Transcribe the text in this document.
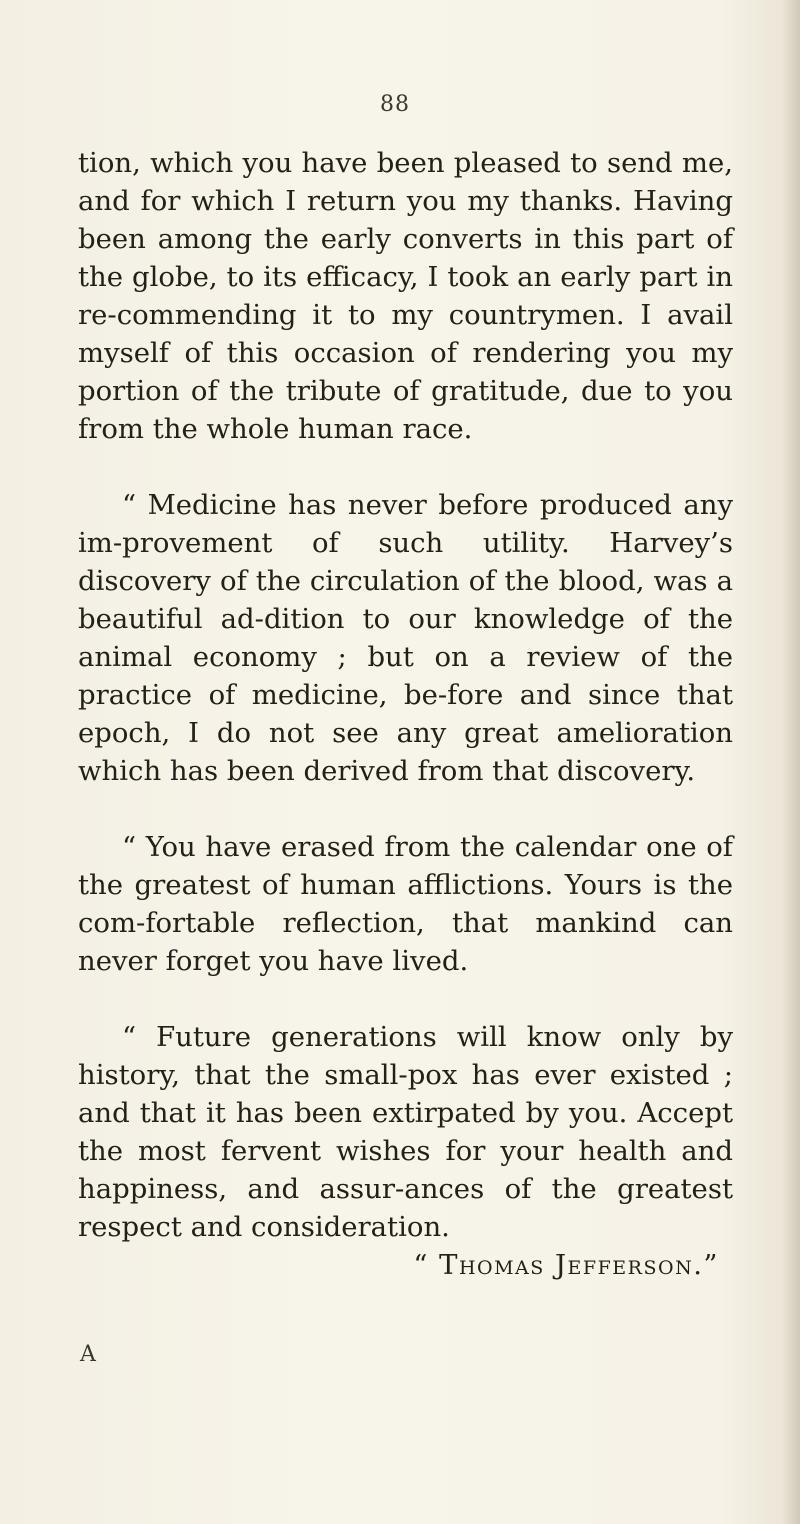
88

tion, which you have been pleased to send me, and for which I return you my thanks. Having been among the early converts in this part of the globe, to its efficacy, I took an early part in re-commending it to my countrymen. I avail myself of this occasion of rendering you my portion of the tribute of gratitude, due to you from the whole human race.

“ Medicine has never before produced any im-provement of such utility. Harvey’s discovery of the circulation of the blood, was a beautiful ad-dition to our knowledge of the animal economy ; but on a review of the practice of medicine, be-fore and since that epoch, I do not see any great amelioration which has been derived from that discovery.

“ You have erased from the calendar one of the greatest of human afflictions. Yours is the com-fortable reflection, that mankind can never forget you have lived.

“ Future generations will know only by history, that the small-pox has ever existed ; and that it has been extirpated by you. Accept the most fervent wishes for your health and happiness, and assur-ances of the greatest respect and consideration.

“ Thomas Jefferson.”

A
